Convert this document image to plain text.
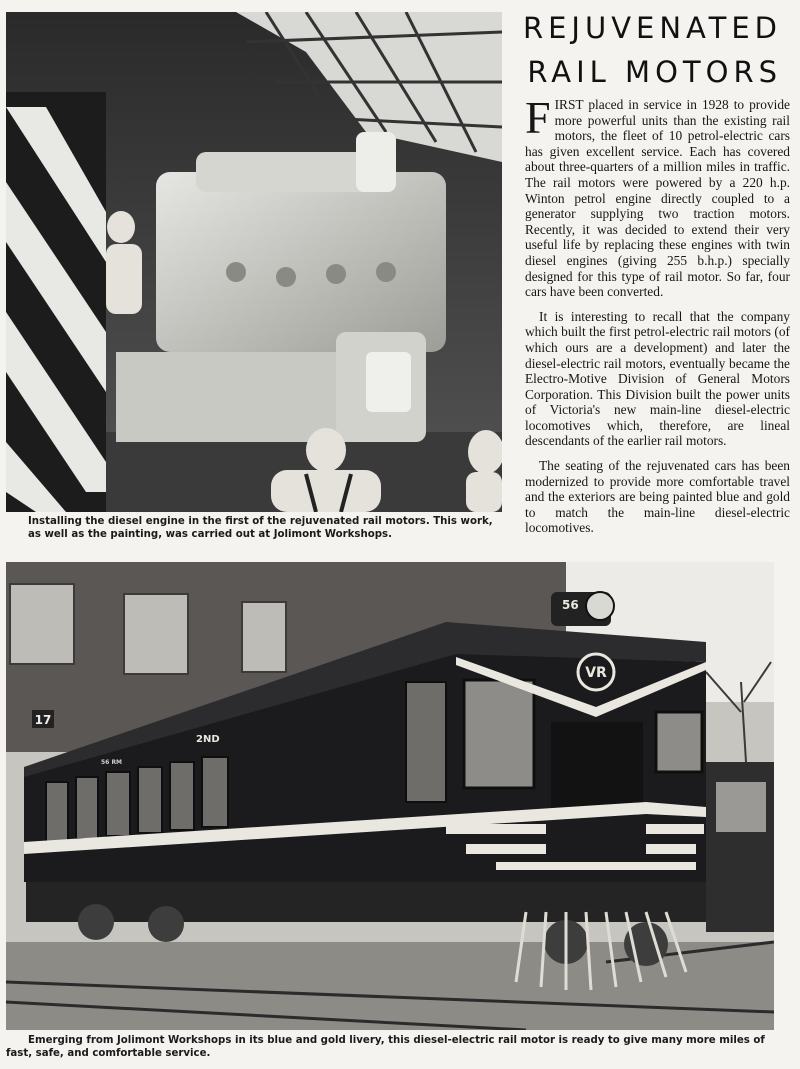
REJUVENATED
RAIL MOTORS

FIRST placed in service in 1928 to provide more powerful units than the existing rail motors, the fleet of 10 petrol-electric cars has given excellent service. Each has covered about three-quarters of a million miles in traffic. The rail motors were powered by a 220 h.p. Winton petrol engine directly coupled to a generator supplying two traction motors. Recently, it was decided to extend their very useful life by replacing these engines with twin diesel engines (giving 255 b.h.p.) specially designed for this type of rail motor. So far, four cars have been converted.

It is interesting to recall that the company which built the first petrol-electric rail motors (of which ours are a development) and later the diesel-electric rail motors, eventually became the Electro-Motive Division of General Motors Corporation. This Division built the power units of Victoria's new main-line diesel-electric locomotives which, therefore, are lineal descendants of the earlier rail motors.

The seating of the rejuvenated cars has been modernized to provide more comfortable travel and the exteriors are being painted blue and gold to match the main-line diesel-electric locomotives.

Installing the diesel engine in the first of the rejuvenated rail motors. This work, as well as the painting, was carried out at Jolimont Workshops.
17
VR
56
2ND
56 RM
Emerging from Jolimont Workshops in its blue and gold livery, this diesel-electric rail motor is ready to give many more miles of fast, safe, and comfortable service.
